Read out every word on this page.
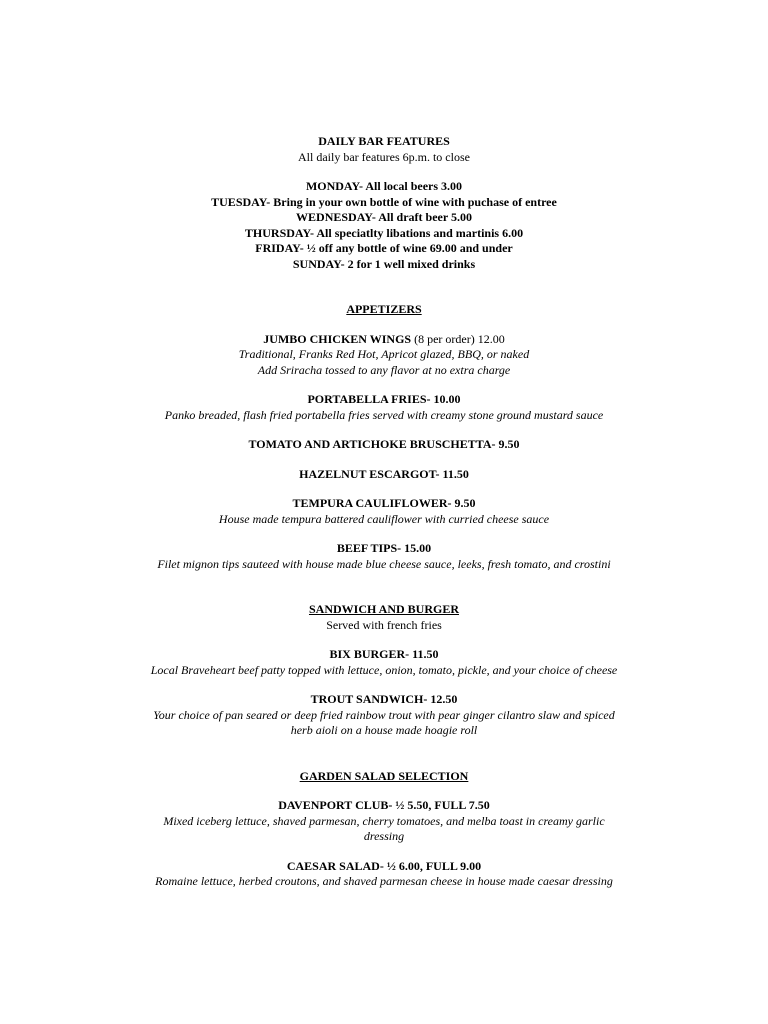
DAILY BAR FEATURES
All daily bar features 6p.m. to close
MONDAY- All local beers 3.00
TUESDAY- Bring in your own bottle of wine with puchase of entree
WEDNESDAY- All draft beer 5.00
THURSDAY- All speciatlty libations and martinis 6.00
FRIDAY- ½ off any bottle of wine 69.00 and under
SUNDAY- 2 for 1 well mixed drinks
APPETIZERS
JUMBO CHICKEN WINGS (8 per order) 12.00
Traditional, Franks Red Hot, Apricot glazed, BBQ, or naked
Add Sriracha tossed to any flavor at no extra charge
PORTABELLA FRIES- 10.00
Panko breaded, flash fried portabella fries served with creamy stone ground mustard sauce
TOMATO AND ARTICHOKE BRUSCHETTA- 9.50
HAZELNUT ESCARGOT- 11.50
TEMPURA CAULIFLOWER- 9.50
House made tempura battered cauliflower with curried cheese sauce
BEEF TIPS- 15.00
Filet mignon tips sauteed with house made blue cheese sauce, leeks, fresh tomato, and crostini
SANDWICH AND BURGER
Served with french fries
BIX BURGER- 11.50
Local Braveheart beef patty topped with lettuce, onion, tomato, pickle, and your choice of cheese
TROUT SANDWICH- 12.50
Your choice of pan seared or deep fried rainbow trout with pear ginger cilantro slaw and spiced
herb aioli on a house made hoagie roll
GARDEN SALAD SELECTION
DAVENPORT CLUB- ½ 5.50, FULL 7.50
Mixed iceberg lettuce, shaved parmesan, cherry tomatoes, and melba toast in creamy garlic
dressing
CAESAR SALAD- ½ 6.00, FULL 9.00
Romaine lettuce, herbed croutons, and shaved parmesan cheese in house made caesar dressing
